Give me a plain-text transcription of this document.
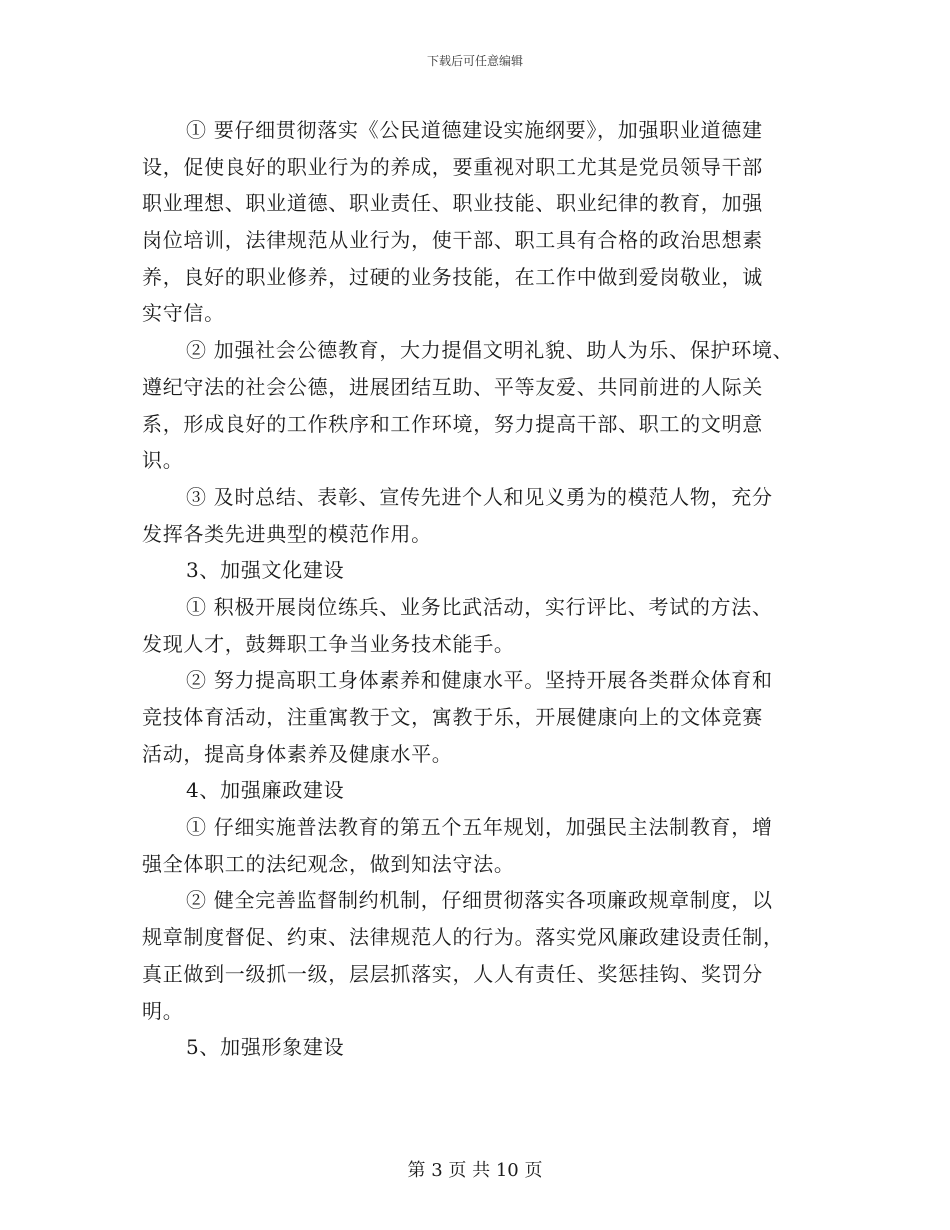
下载后可任意编辑
① 要仔细贯彻落实《公民道德建设实施纲要》，加强职业道德建
设，促使良好的职业行为的养成，要重视对职工尤其是党员领导干部
职业理想、职业道德、职业责任、职业技能、职业纪律的教育，加强
岗位培训，法律规范从业行为，使干部、职工具有合格的政治思想素
养，良好的职业修养，过硬的业务技能，在工作中做到爱岗敬业，诚
实守信。
② 加强社会公德教育，大力提倡文明礼貌、助人为乐、保护环境、
遵纪守法的社会公德，进展团结互助、平等友爱、共同前进的人际关
系，形成良好的工作秩序和工作环境，努力提高干部、职工的文明意
识。
③ 及时总结、表彰、宣传先进个人和见义勇为的模范人物，充分
发挥各类先进典型的模范作用。
3、加强文化建设
① 积极开展岗位练兵、业务比武活动，实行评比、考试的方法、
发现人才，鼓舞职工争当业务技术能手。
② 努力提高职工身体素养和健康水平。坚持开展各类群众体育和
竞技体育活动，注重寓教于文，寓教于乐，开展健康向上的文体竞赛
活动，提高身体素养及健康水平。
4、加强廉政建设
① 仔细实施普法教育的第五个五年规划，加强民主法制教育，增
强全体职工的法纪观念，做到知法守法。
② 健全完善监督制约机制，仔细贯彻落实各项廉政规章制度，以
规章制度督促、约束、法律规范人的行为。落实党风廉政建设责任制，
真正做到一级抓一级，层层抓落实，人人有责任、奖惩挂钩、奖罚分
明。
5、加强形象建设
第 3 页 共 10 页
